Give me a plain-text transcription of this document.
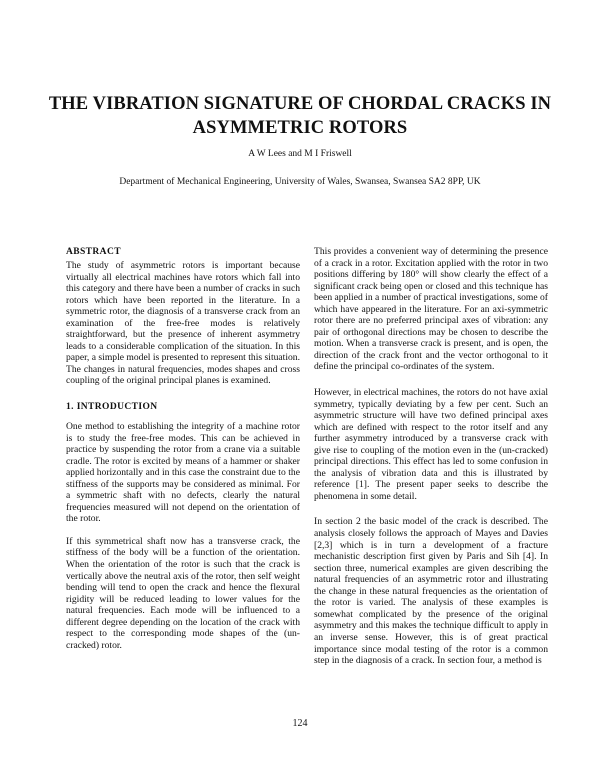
THE VIBRATION SIGNATURE OF CHORDAL CRACKS IN
ASYMMETRIC ROTORS
A W Lees and M I Friswell
Department of Mechanical Engineering, University of Wales, Swansea, Swansea SA2 8PP, UK
ABSTRACT

The study of asymmetric rotors is important because virtually all electrical machines have rotors which fall into this category and there have been a number of cracks in such rotors which have been reported in the literature. In a symmetric rotor, the diagnosis of a transverse crack from an examination of the free-free modes is relatively straightforward, but the presence of inherent asymmetry leads to a considerable complication of the situation. In this paper, a simple model is presented to represent this situation. The changes in natural frequencies, modes shapes and cross coupling of the original principal planes is examined.

1. INTRODUCTION

One method to establishing the integrity of a machine rotor is to study the free-free modes. This can be achieved in practice by suspending the rotor from a crane via a suitable cradle. The rotor is excited by means of a hammer or shaker applied horizontally and in this case the constraint due to the stiffness of the supports may be considered as minimal. For a symmetric shaft with no defects, clearly the natural frequencies measured will not depend on the orientation of the rotor.

If this symmetrical shaft now has a transverse crack, the stiffness of the body will be a function of the orientation. When the orientation of the rotor is such that the crack is vertically above the neutral axis of the rotor, then self weight bending will tend to open the crack and hence the flexural rigidity will be reduced leading to lower values for the natural frequencies. Each mode will be influenced to a different degree depending on the location of the crack with respect to the corresponding mode shapes of the (un-cracked) rotor.

This provides a convenient way of determining the presence of a crack in a rotor. Excitation applied with the rotor in two positions differing by 180° will show clearly the effect of a significant crack being open or closed and this technique has been applied in a number of practical investigations, some of which have appeared in the literature. For an axi-symmetric rotor there are no preferred principal axes of vibration: any pair of orthogonal directions may be chosen to describe the motion. When a transverse crack is present, and is open, the direction of the crack front and the vector orthogonal to it define the principal co-ordinates of the system.

However, in electrical machines, the rotors do not have axial symmetry, typically deviating by a few per cent. Such an asymmetric structure will have two defined principal axes which are defined with respect to the rotor itself and any further asymmetry introduced by a transverse crack with give rise to coupling of the motion even in the (un-cracked) principal directions. This effect has led to some confusion in the analysis of vibration data and this is illustrated by reference [1]. The present paper seeks to describe the phenomena in some detail.

In section 2 the basic model of the crack is described. The analysis closely follows the approach of Mayes and Davies [2,3] which is in turn a development of a fracture mechanistic description first given by Paris and Sih [4]. In section three, numerical examples are given describing the natural frequencies of an asymmetric rotor and illustrating the change in these natural frequencies as the orientation of the rotor is varied. The analysis of these examples is somewhat complicated by the presence of the original asymmetry and this makes the technique difficult to apply in an inverse sense. However, this is of great practical importance since modal testing of the rotor is a common step in the diagnosis of a crack. In section four, a method is

124
